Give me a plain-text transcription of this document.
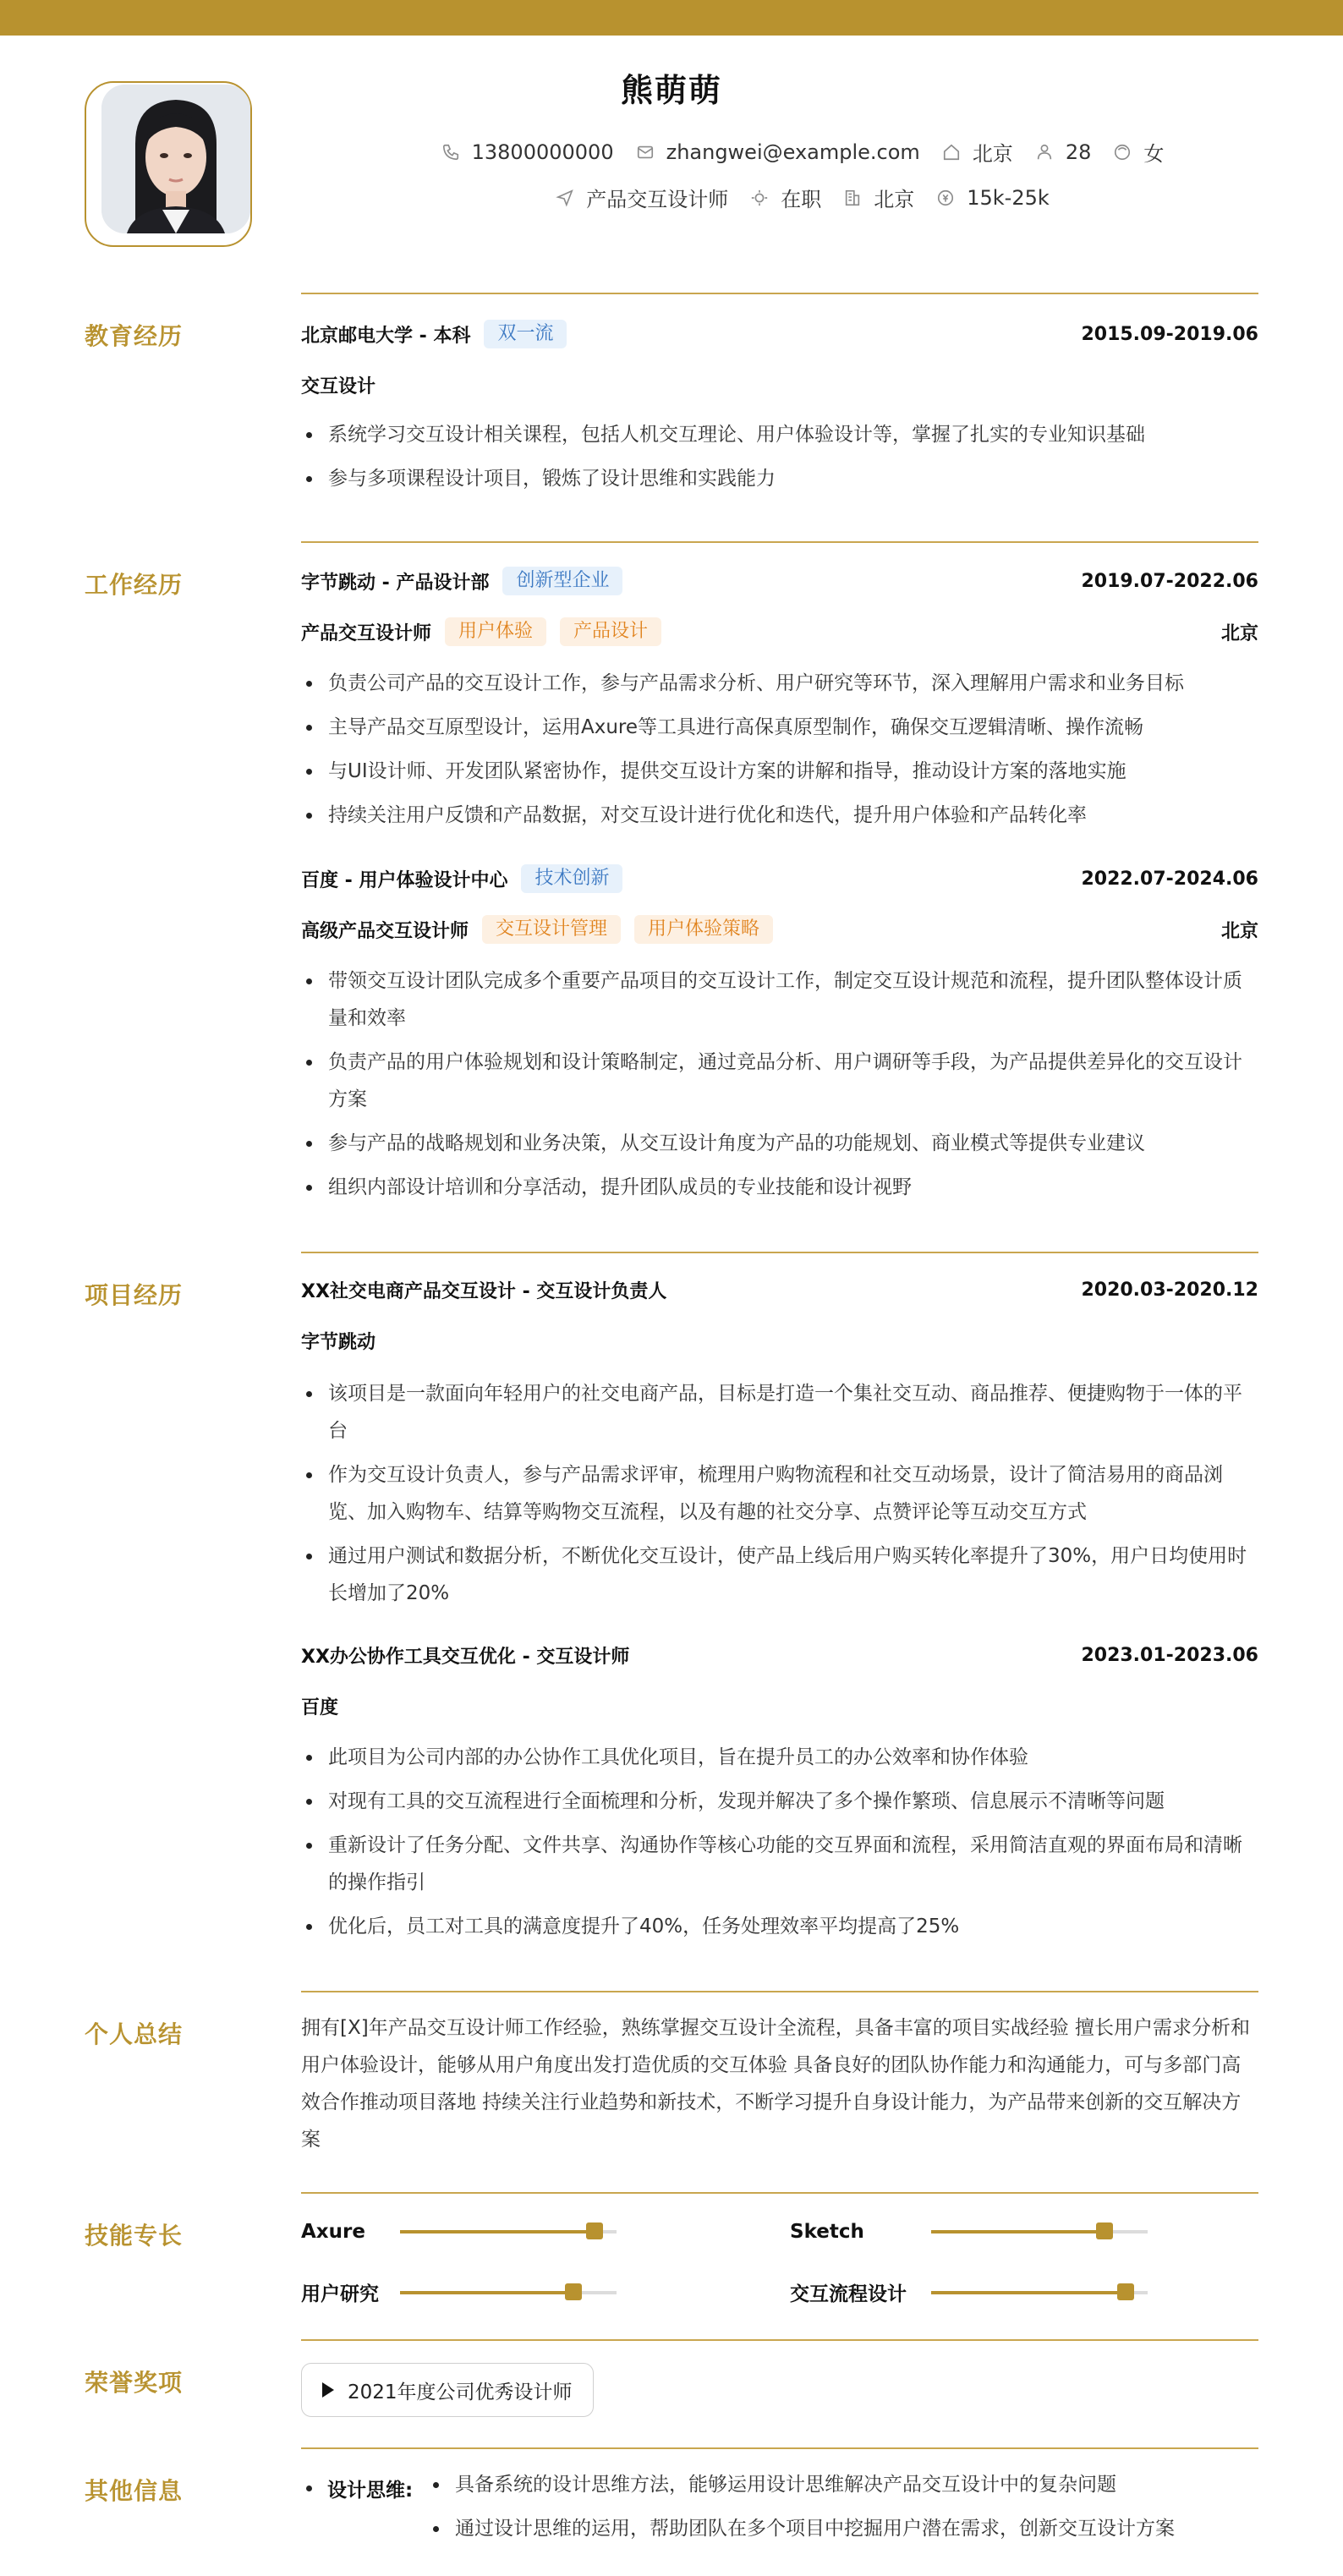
熊萌萌
13800000000	zhangwei@example.com	北京	28	女
产品交互设计师	在职	北京	15k-25k
教育经历	北京邮电大学 - 本科	双一流	2015.09-2019.06
交互设计
系统学习交互设计相关课程，包括人机交互理论、用户体验设计等，掌握了扎实的专业知识基础
参与多项课程设计项目，锻炼了设计思维和实践能力
工作经历	字节跳动 - 产品设计部	创新型企业	2019.07-2022.06
产品交互设计师	用户体验	产品设计	北京
负责公司产品的交互设计工作，参与产品需求分析、用户研究等环节，深入理解用户需求和业务目标
主导产品交互原型设计，运用Axure等工具进行高保真原型制作，确保交互逻辑清晰、操作流畅
与UI设计师、开发团队紧密协作，提供交互设计方案的讲解和指导，推动设计方案的落地实施
持续关注用户反馈和产品数据，对交互设计进行优化和迭代，提升用户体验和产品转化率
百度 - 用户体验设计中心	技术创新	2022.07-2024.06
高级产品交互设计师	交互设计管理	用户体验策略	北京
带领交互设计团队完成多个重要产品项目的交互设计工作，制定交互设计规范和流程，提升团队整体设计质量和效率
负责产品的用户体验规划和设计策略制定，通过竞品分析、用户调研等手段，为产品提供差异化的交互设计方案
参与产品的战略规划和业务决策，从交互设计角度为产品的功能规划、商业模式等提供专业建议
组织内部设计培训和分享活动，提升团队成员的专业技能和设计视野
项目经历	XX社交电商产品交互设计 - 交互设计负责人	2020.03-2020.12
字节跳动
该项目是一款面向年轻用户的社交电商产品，目标是打造一个集社交互动、商品推荐、便捷购物于一体的平台
作为交互设计负责人，参与产品需求评审，梳理用户购物流程和社交互动场景，设计了简洁易用的商品浏览、加入购物车、结算等购物交互流程，以及有趣的社交分享、点赞评论等互动交互方式
通过用户测试和数据分析，不断优化交互设计，使产品上线后用户购买转化率提升了30%，用户日均使用时长增加了20%
XX办公协作工具交互优化 - 交互设计师	2023.01-2023.06
百度
此项目为公司内部的办公协作工具优化项目，旨在提升员工的办公效率和协作体验
对现有工具的交互流程进行全面梳理和分析，发现并解决了多个操作繁琐、信息展示不清晰等问题
重新设计了任务分配、文件共享、沟通协作等核心功能的交互界面和流程，采用简洁直观的界面布局和清晰的操作指引
优化后，员工对工具的满意度提升了40%，任务处理效率平均提高了25%
个人总结	拥有[X]年产品交互设计师工作经验，熟练掌握交互设计全流程，具备丰富的项目实战经验 擅长用户需求分析和用户体验设计，能够从用户角度出发打造优质的交互体验 具备良好的团队协作能力和沟通能力，可与多部门高效合作推动项目落地 持续关注行业趋势和新技术，不断学习提升自身设计能力，为产品带来创新的交互解决方案
技能专长	Axure	Sketch
用户研究	交互流程设计
荣誉奖项	2021年度公司优秀设计师
其他信息	设计思维:	具备系统的设计思维方法，能够运用设计思维解决产品交互设计中的复杂问题
通过设计思维的运用，帮助团队在多个项目中挖掘用户潜在需求，创新交互设计方案
